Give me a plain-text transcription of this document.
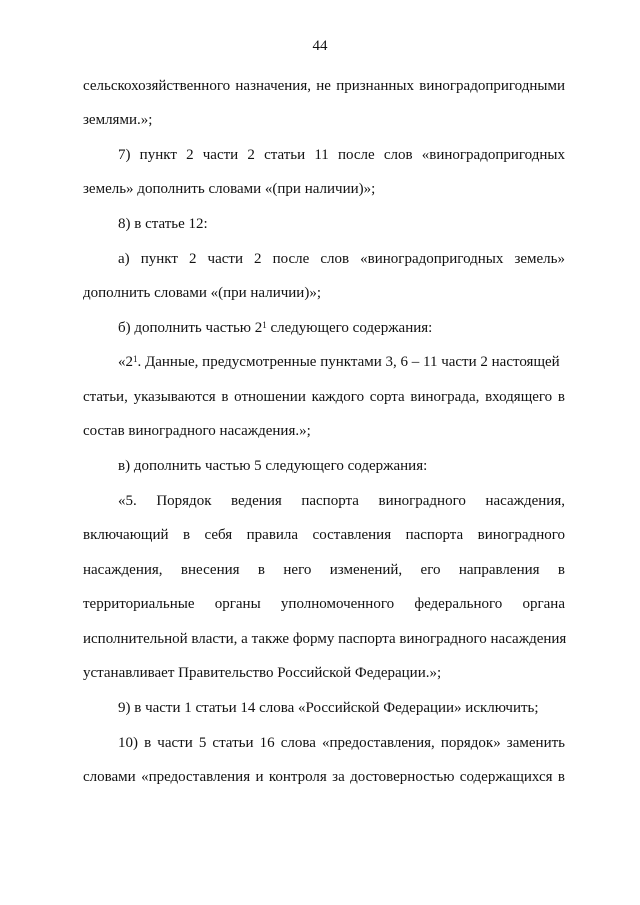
44
сельскохозяйственного назначения, не признанных виноградопригодными
землями.»;
7) пункт 2 части 2 статьи 11 после слов «виноградопригодных
земель» дополнить словами «(при наличии)»;
8) в статье 12:
а) пункт 2 части 2 после слов «виноградопригодных земель»
дополнить словами «(при наличии)»;
б) дополнить частью $2^1$ следующего содержания:
«$2^1$. Данные, предусмотренные пунктами 3, 6 – 11 части 2 настоящей
статьи, указываются в отношении каждого сорта винограда, входящего в
состав виноградного насаждения.»;
в) дополнить частью 5 следующего содержания:
«5. Порядок ведения паспорта виноградного насаждения,
включающий в себя правила составления паспорта виноградного
насаждения, внесения в него изменений, его направления в
территориальные органы уполномоченного федерального органа
исполнительной власти, а также форму паспорта виноградного насаждения
устанавливает Правительство Российской Федерации.»;
9) в части 1 статьи 14 слова «Российской Федерации» исключить;
10) в части 5 статьи 16 слова «предоставления, порядок» заменить
словами «предоставления и контроля за достоверностью содержащихся в
